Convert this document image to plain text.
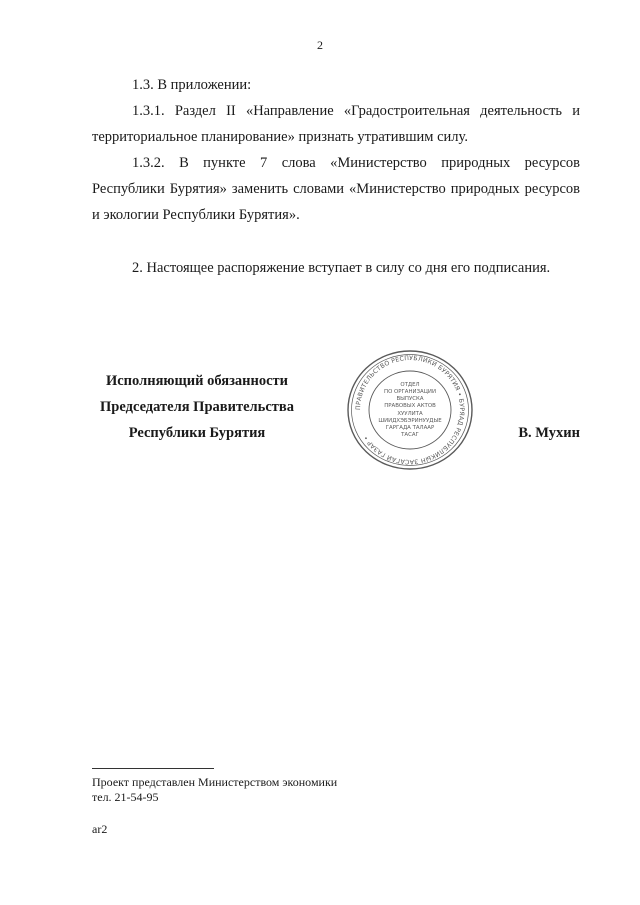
2

1.3. В приложении:

1.3.1. Раздел II «Направление «Градостроительная деятельность и территориальное планирование» признать утратившим силу.

1.3.2. В пункте 7 слова «Министерство природных ресурсов Республики Бурятия» заменить словами «Министерство природных ресурсов и экологии Республики Бурятия».

2. Настоящее распоряжение вступает в силу со дня его подписания.

Исполняющий обязанности
Председателя Правительства
Республики Бурятия
ПРАВИТЕЛЬСТВО РЕСПУБЛИКИ БУРЯТИЯ • БУРЯАД РЕСПУБЛИКЫН ЗАСАГАЙ ГАЗАР •
ОТДЕЛ
ПО ОРГАНИЗАЦИИ
ВЫПУСКА
ПРАВОВЫХ АКТОВ
ХУУЛИТА
ШИИДХЭБЭРИНУУДЫЕ
ГАРГАДА ТАЛААР
ТАСАГ	В. Мухин
Проект представлен Министерством экономики
тел. 21-54-95
ar2
